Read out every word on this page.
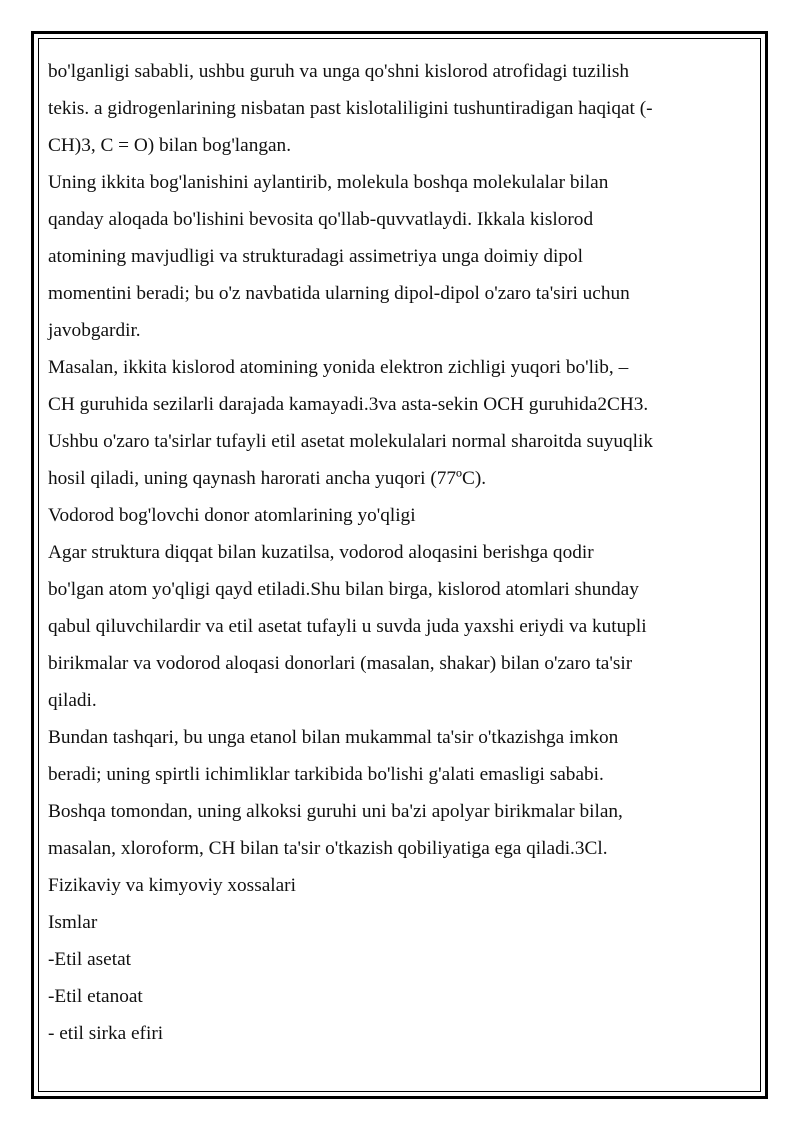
bo'lganligi sababli, ushbu guruh va unga qo'shni kislorod atrofidagi tuzilish
tekis. a gidrogenlarining nisbatan past kislotaliligini tushuntiradigan haqiqat (-
CH)3, C = O) bilan bog'langan.
Uning ikkita bog'lanishini aylantirib, molekula boshqa molekulalar bilan
qanday aloqada bo'lishini bevosita qo'llab-quvvatlaydi. Ikkala kislorod
atomining mavjudligi va strukturadagi assimetriya unga doimiy dipol
momentini beradi; bu o'z navbatida ularning dipol-dipol o'zaro ta'siri uchun
javobgardir.
Masalan, ikkita kislorod atomining yonida elektron zichligi yuqori bo'lib, –
CH guruhida sezilarli darajada kamayadi.3va asta-sekin OCH guruhida2CH3.
Ushbu o'zaro ta'sirlar tufayli etil asetat molekulalari normal sharoitda suyuqlik
hosil qiladi, uning qaynash harorati ancha yuqori (77ºC).
Vodorod bog'lovchi donor atomlarining yo'qligi
Agar struktura diqqat bilan kuzatilsa, vodorod aloqasini berishga qodir
bo'lgan atom yo'qligi qayd etiladi.Shu bilan birga, kislorod atomlari shunday
qabul qiluvchilardir va etil asetat tufayli u suvda juda yaxshi eriydi va kutupli
birikmalar va vodorod aloqasi donorlari (masalan, shakar) bilan o'zaro ta'sir
qiladi.
Bundan tashqari, bu unga etanol bilan mukammal ta'sir o'tkazishga imkon
beradi; uning spirtli ichimliklar tarkibida bo'lishi g'alati emasligi sababi.
Boshqa tomondan, uning alkoksi guruhi uni ba'zi apolyar birikmalar bilan,
masalan, xloroform, CH bilan ta'sir o'tkazish qobiliyatiga ega qiladi.3Cl.
Fizikaviy va kimyoviy xossalari
Ismlar
-Etil asetat
-Etil etanoat
- etil sirka efiri
